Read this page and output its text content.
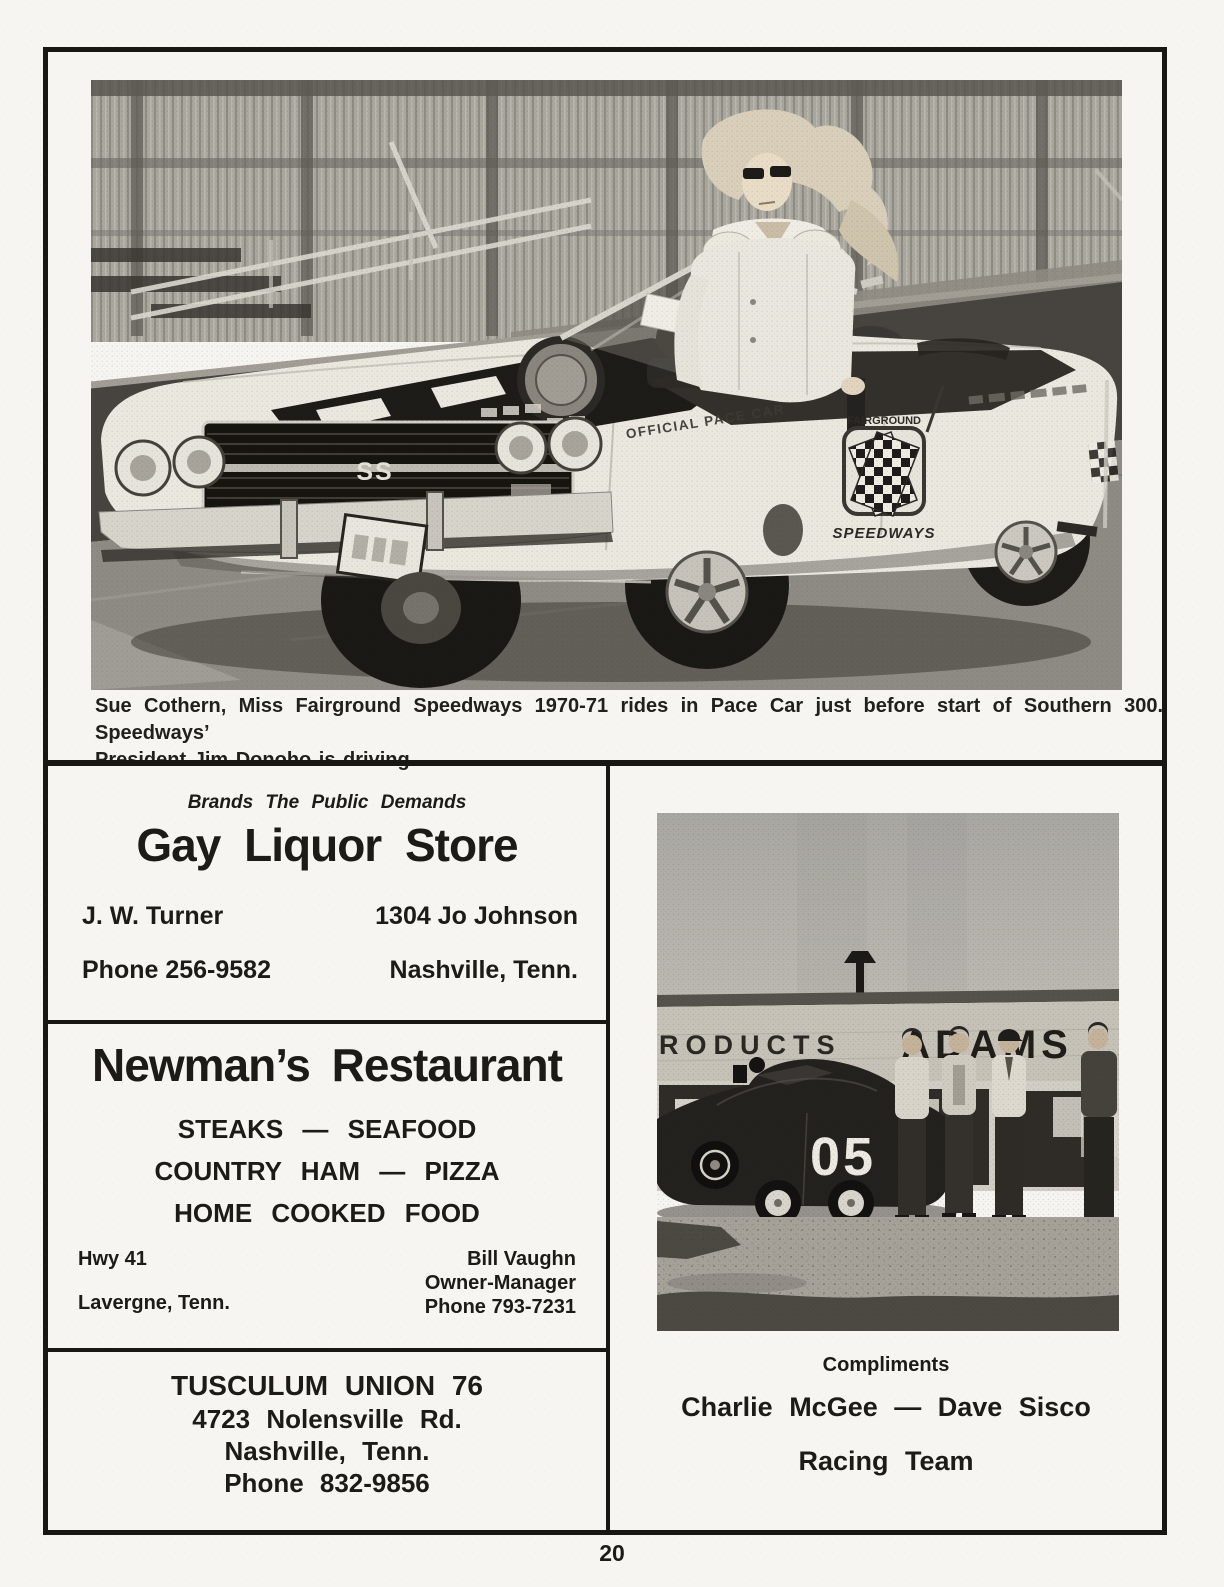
Sue Cothern, Miss Fairground Speedways 1970-71 rides in Pace Car just before start of Southern 300. Speedways’
Brands The Public Demands
Gay Liquor Store
J. W. Turner	1304 Jo Johnson
Phone 256-9582	Nashville, Tenn.
Newman’s Restaurant
STEAKS — SEAFOOD
COUNTRY HAM — PIZZA
HOME COOKED FOOD
Hwy 41
Lavergne, Tenn.
Bill Vaughn
Owner-Manager
Phone 793-7231
TUSCULUM UNION 76
4723 Nolensville Rd.
Nashville, Tenn.
Phone 832-9856
Compliments
Charlie McGee — Dave Sisco
Racing Team
20
